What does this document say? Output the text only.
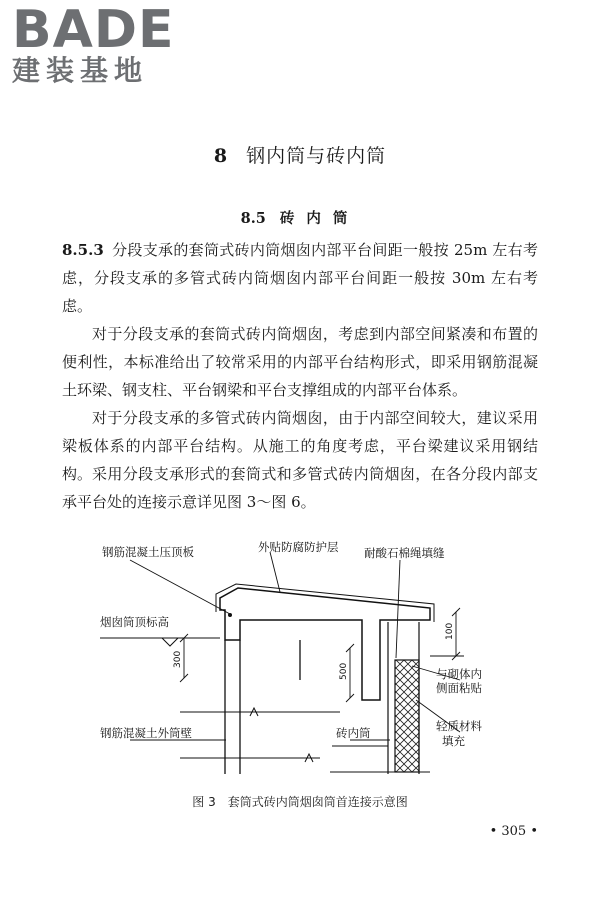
BADE
建装基地
8 钢内筒与砖内筒
8.5 砖内筒

8.5.3 分段支承的套筒式砖内筒烟囱内部平台间距一般按 25m 左右考虑，分段支承的多管式砖内筒烟囱内部平台间距一般按 30m 左右考虑。

对于分段支承的套筒式砖内筒烟囱，考虑到内部空间紧凑和布置的便利性，本标准给出了较常采用的内部平台结构形式，即采用钢筋混凝土环梁、钢支柱、平台钢梁和平台支撑组成的内部平台体系。

对于分段支承的多管式砖内筒烟囱，由于内部空间较大，建议采用梁板体系的内部平台结构。从施工的角度考虑，平台梁建议采用钢结构。 采用分段支承形式的套筒式和多管式砖内筒烟囱，在各分段内部支承平台处的连接示意详见图 3～图 6。

钢筋混凝土压顶板	外贴防腐防护层 耐酸石棉绳填缝
烟囱筒顶标高
与砌体内
侧面粘贴
钢筋混凝土外筒壁	砖内筒	轻质材料
填充
300
500
100
图 3 套筒式砖内筒烟囱筒首连接示意图
• 305 •
